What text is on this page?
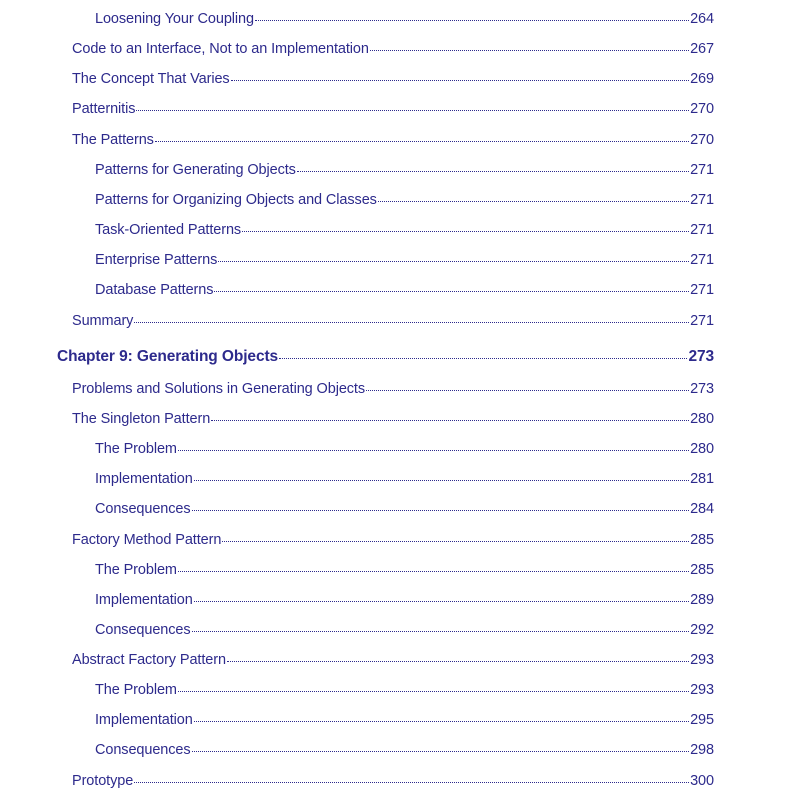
Loosening Your Coupling	264
Code to an Interface, Not to an Implementation	267
The Concept That Varies	269
Patternitis	270
The Patterns	270
Patterns for Generating Objects	271
Patterns for Organizing Objects and Classes	271
Task-Oriented Patterns	271
Enterprise Patterns	271
Database Patterns	271
Summary	271
Chapter 9: Generating Objects	273
Problems and Solutions in Generating Objects	273
The Singleton Pattern	280
The Problem	280
Implementation	281
Consequences	284
Factory Method Pattern	285
The Problem	285
Implementation	289
Consequences	292
Abstract Factory Pattern	293
The Problem	293
Implementation	295
Consequences	298
Prototype	300
